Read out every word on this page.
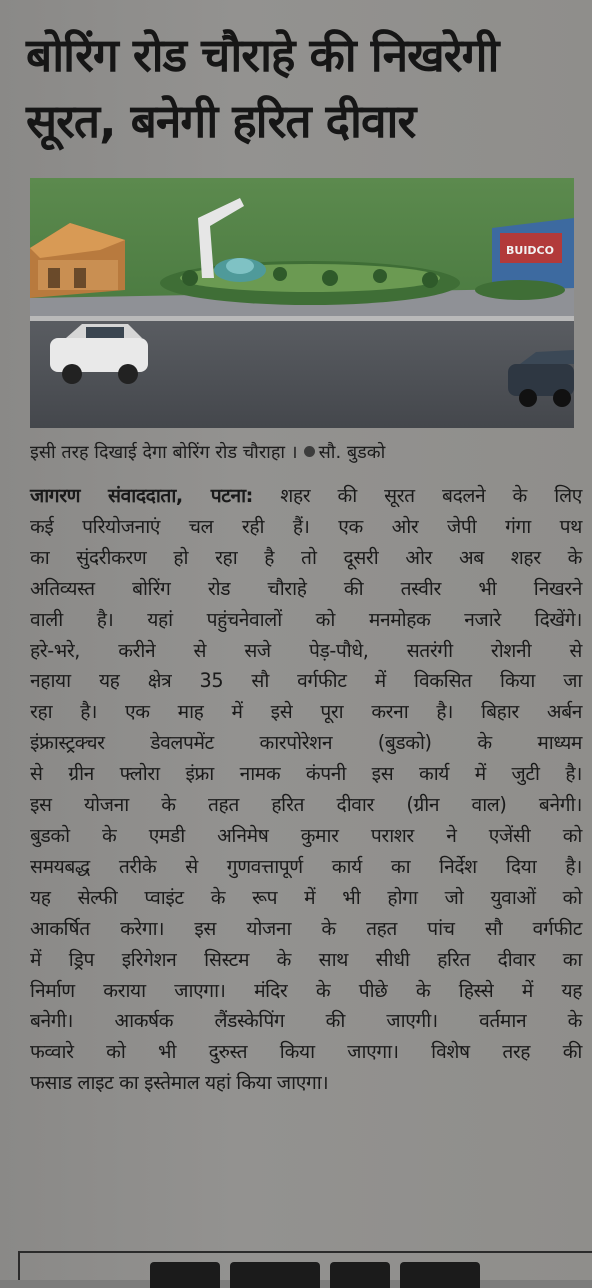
बोरिंग रोड चौराहे की निखरेगी
सूरत, बनेगी हरित दीवार
BUIDCO
इसी तरह दिखाई देगा बोरिंग रोड चौराहा । सौ. बुडको

जागरण संवाददाता, पटना: शहर की सूरत बदलने के लिए
कई परियोजनाएं चल रही हैं। एक ओर जेपी गंगा पथ
का सुंदरीकरण हो रहा है तो दूसरी ओर अब शहर के
अतिव्यस्त बोरिंग रोड चौराहे की तस्वीर भी निखरने
वाली है। यहां पहुंचनेवालों को मनमोहक नजारे दिखेंगे।
हरे-भरे, करीने से सजे पेड़-पौधे, सतरंगी रोशनी से
नहाया यह क्षेत्र 35 सौ वर्गफीट में विकसित किया जा
रहा है। एक माह में इसे पूरा करना है। बिहार अर्बन
इंफ्रास्ट्रक्चर डेवलपमेंट कारपोरेशन (बुडको) के माध्यम
से ग्रीन फ्लोरा इंफ्रा नामक कंपनी इस कार्य में जुटी है।
इस योजना के तहत हरित दीवार (ग्रीन वाल) बनेगी।
बुडको के एमडी अनिमेष कुमार पराशर ने एजेंसी को
समयबद्ध तरीके से गुणवत्तापूर्ण कार्य का निर्देश दिया है।
यह सेल्फी प्वाइंट के रूप में भी होगा जो युवाओं को
आकर्षित करेगा। इस योजना के तहत पांच सौ वर्गफीट
में ड्रिप इरिगेशन सिस्टम के साथ सीधी हरित दीवार का
निर्माण कराया जाएगा। मंदिर के पीछे के हिस्से में यह
बनेगी। आकर्षक लैंडस्केपिंग की जाएगी। वर्तमान के
फव्वारे को भी दुरुस्त किया जाएगा। विशेष तरह की
फसाड लाइट का इस्तेमाल यहां किया जाएगा।
